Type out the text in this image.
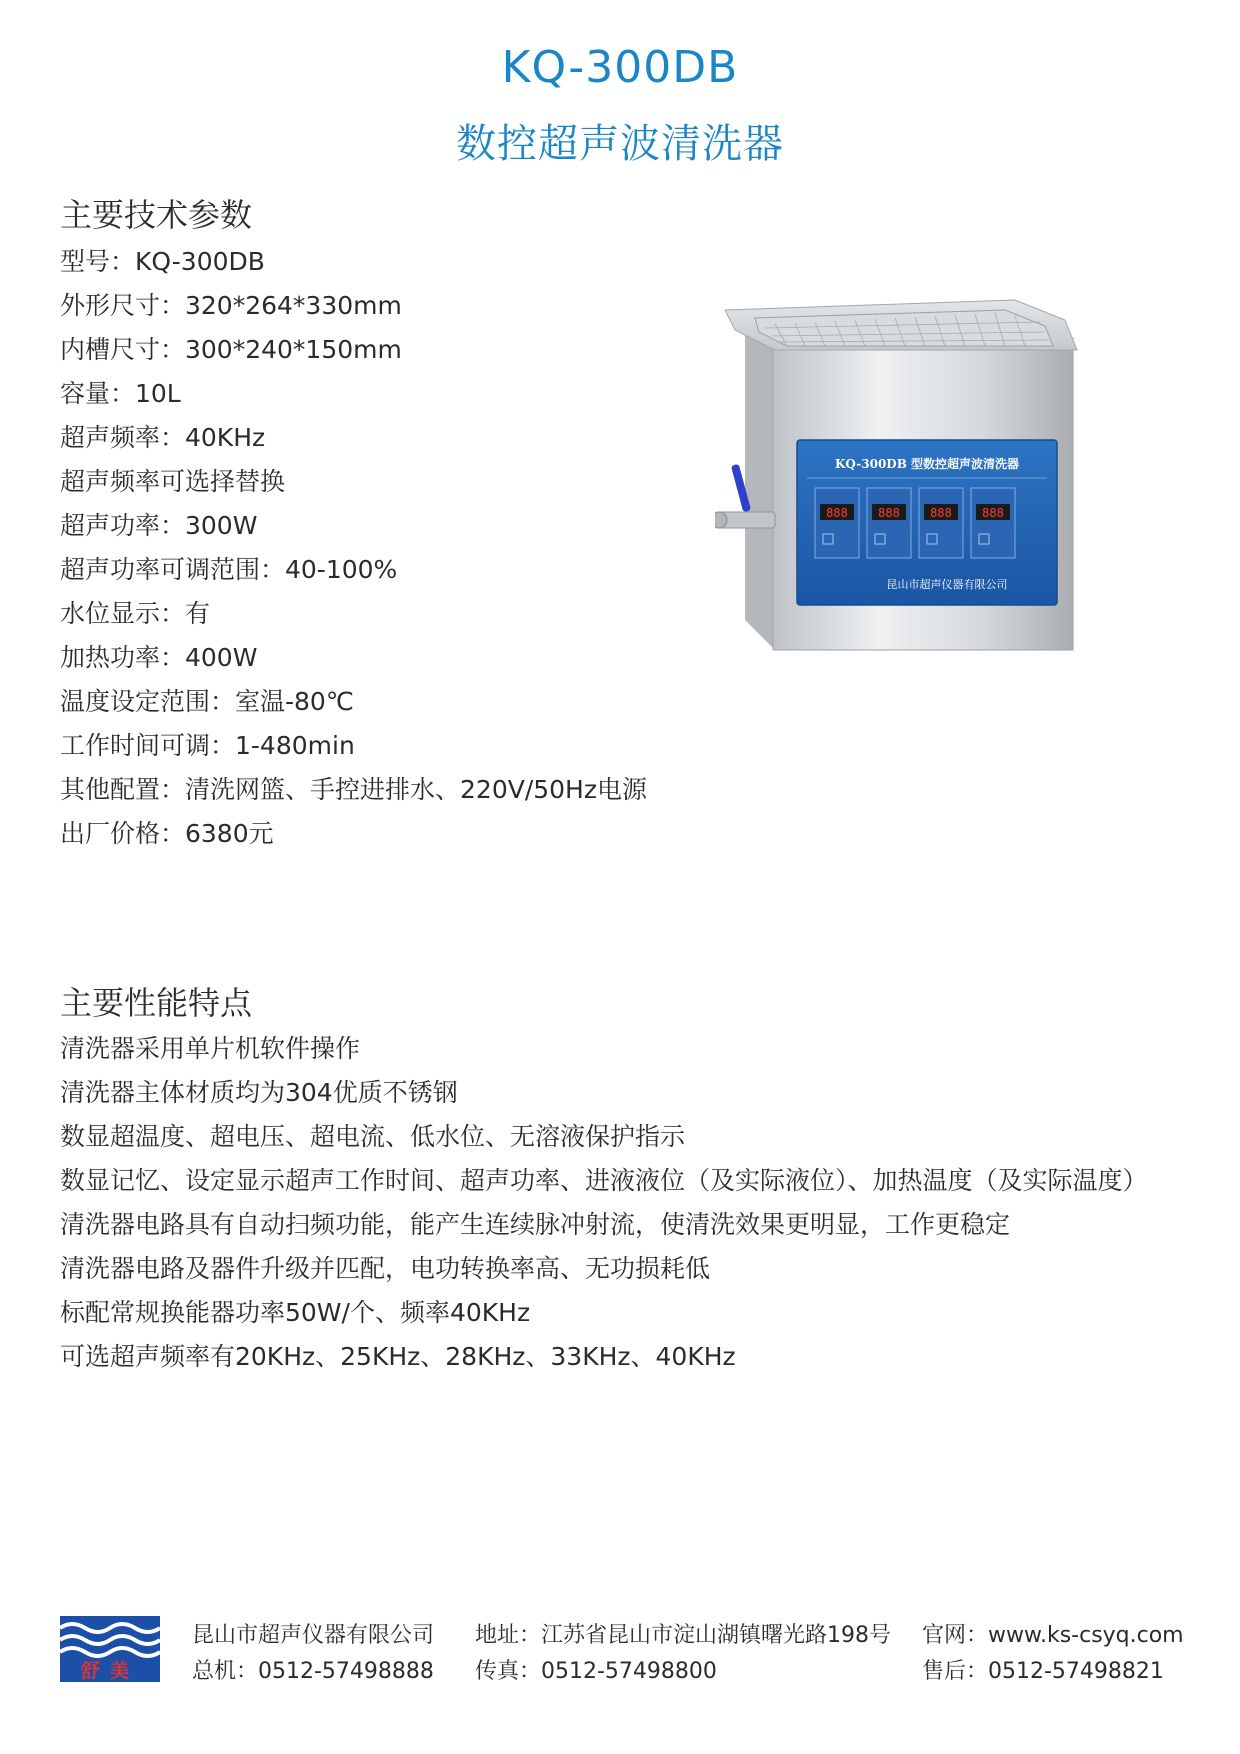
KQ-300DB
数控超声波清洗器
主要技术参数
型号：KQ-300DB
外形尺寸：320*264*330mm
内槽尺寸：300*240*150mm
容量：10L
超声频率：40KHz
超声频率可选择替换
超声功率：300W
超声功率可调范围：40-100%
水位显示：有
加热功率：400W
温度设定范围：室温-80℃
工作时间可调：1-480min
其他配置：清洗网篮、手控进排水、220V/50Hz电源
出厂价格：6380元
KQ-300DB 型数控超声波清洗器
888	888	888	888
昆山市超声仪器有限公司
主要性能特点
清洗器采用单片机软件操作
清洗器主体材质均为304优质不锈钢
数显超温度、超电压、超电流、低水位、无溶液保护指示
数显记忆、设定显示超声工作时间、超声功率、进液液位（及实际液位）、加热温度（及实际温度）
清洗器电路具有自动扫频功能，能产生连续脉冲射流，使清洗效果更明显，工作更稳定
清洗器电路及器件升级并匹配，电功转换率高、无功损耗低
标配常规换能器功率50W/个、频率40KHz
可选超声频率有20KHz、25KHz、28KHz、33KHz、40KHz
舒美
昆山市超声仪器有限公司
总机：0512-57498888
地址：江苏省昆山市淀山湖镇曙光路198号
传真：0512-57498800
官网：www.ks-csyq.com
售后：0512-57498821
